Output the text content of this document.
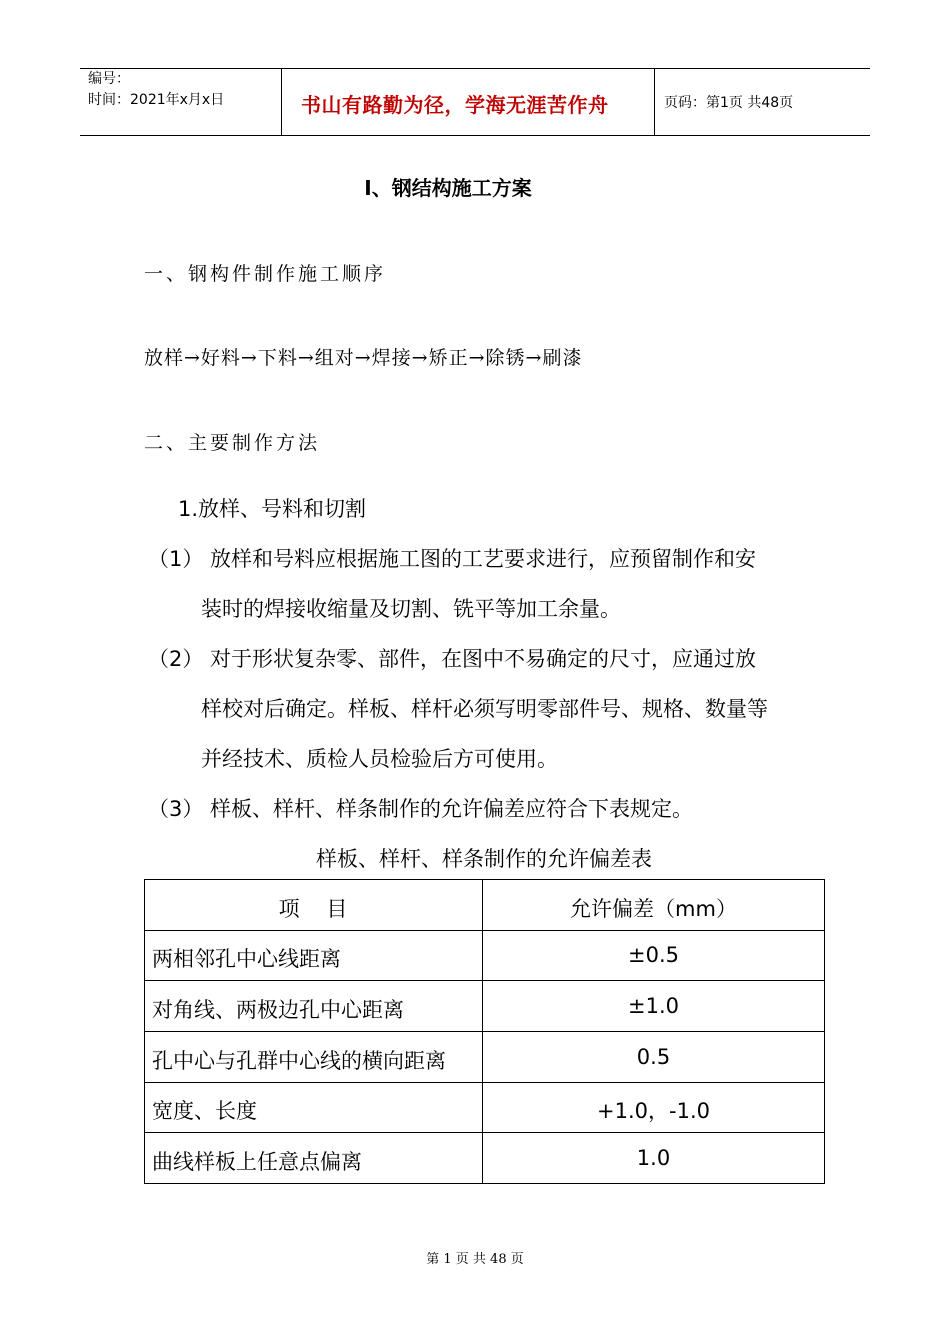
编号：
时间：2021年x月x日	书山有路勤为径，学海无涯苦作舟	页码：第1页 共48页
I、钢结构施工方案
一、钢构件制作施工顺序
放样→好料→下料→组对→焊接→矫正→除锈→刷漆
二、主要制作方法
1.放样、号料和切割
（1） 放样和号料应根据施工图的工艺要求进行，应预留制作和安
装时的焊接收缩量及切割、铣平等加工余量。
（2） 对于形状复杂零、部件，在图中不易确定的尺寸，应通过放
样校对后确定。样板、样杆必须写明零部件号、规格、数量等
并经技术、质检人员检验后方可使用。
（3） 样板、样杆、样条制作的允许偏差应符合下表规定。
样板、样杆、样条制作的允许偏差表
项    目	允许偏差（mm）
两相邻孔中心线距离	±0.5
对角线、两极边孔中心距离	±1.0
孔中心与孔群中心线的横向距离	0.5
宽度、长度	+1.0，-1.0
曲线样板上任意点偏离	1.0
第 1 页 共 48 页
